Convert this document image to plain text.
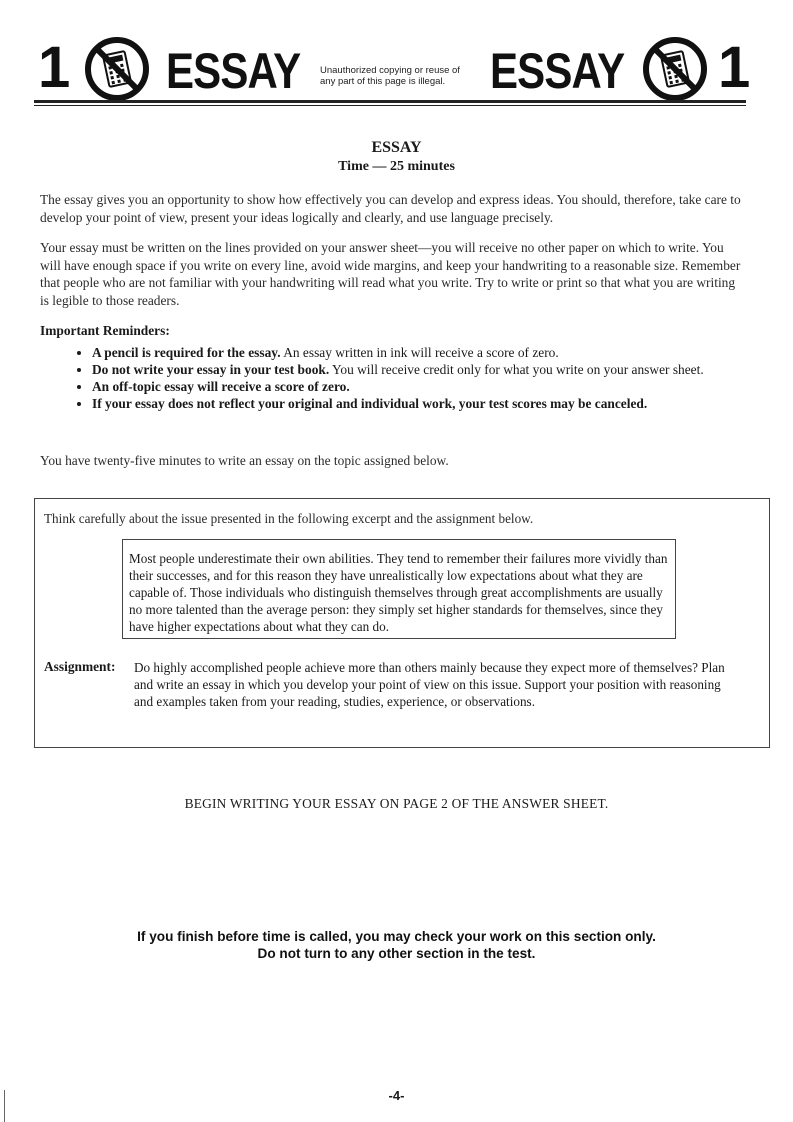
1 ESSAY Unauthorized copying or reuse of
any part of this page is illegal. ESSAY 1
ESSAY
Time — 25 minutes
The essay gives you an opportunity to show how effectively you can develop and express ideas. You should, therefore, take care to develop your point of view, present your ideas logically and clearly, and use language precisely.
Your essay must be written on the lines provided on your answer sheet—you will receive no other paper on which to write. You will have enough space if you write on every line, avoid wide margins, and keep your handwriting to a reasonable size. Remember that people who are not familiar with your handwriting will read what you write. Try to write or print so that what you are writing is legible to those readers.
Important Reminders:
• A pencil is required for the essay. An essay written in ink will receive a score of zero.
• Do not write your essay in your test book. You will receive credit only for what you write on your answer sheet.
• An off-topic essay will receive a score of zero.
• If your essay does not reflect your original and individual work, your test scores may be canceled.
You have twenty-five minutes to write an essay on the topic assigned below.
Think carefully about the issue presented in the following excerpt and the assignment below.
Most people underestimate their own abilities. They tend to remember their failures more vividly than their successes, and for this reason they have unrealistically low expectations about what they are capable of. Those individuals who distinguish themselves through great accomplishments are usually no more talented than the average person: they simply set higher standards for themselves, since they have higher expectations about what they can do.
Assignment: Do highly accomplished people achieve more than others mainly because they expect more of themselves? Plan and write an essay in which you develop your point of view on this issue. Support your position with reasoning and examples taken from your reading, studies, experience, or observations.
BEGIN WRITING YOUR ESSAY ON PAGE 2 OF THE ANSWER SHEET.
If you finish before time is called, you may check your work on this section only.
Do not turn to any other section in the test.
-4-
